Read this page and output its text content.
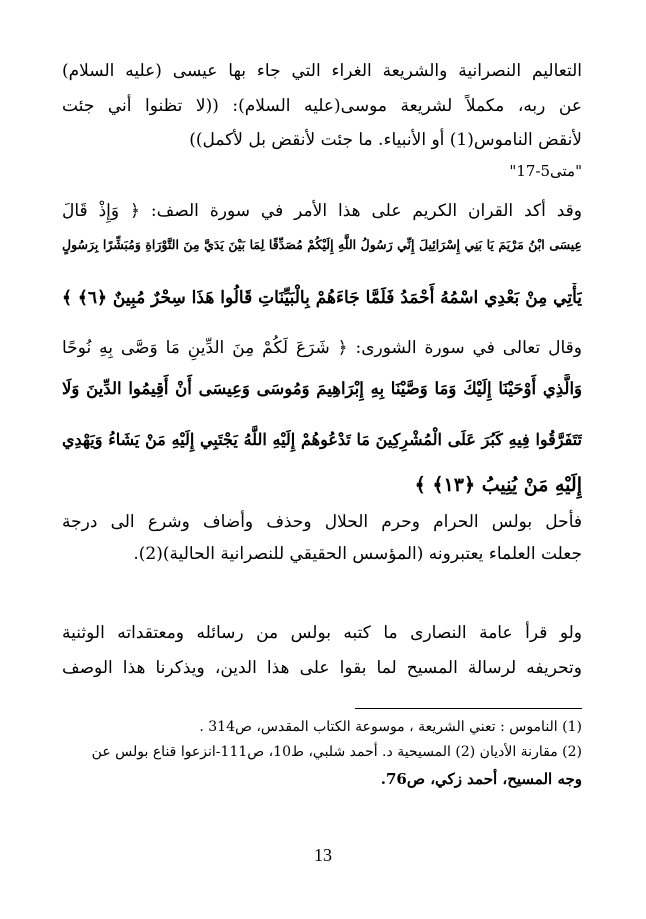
التعاليم النصرانية والشريعة الغراء التي جاء بها عيسى (عليه السلام)
عن ربه، مكملاً لشريعة موسى(عليه السلام): ((لا تظنوا أني جئت
لأنقض الناموس(1) أو الأنبياء. ما جئت لأنقض بل لأكمل))
"متى5-17"
وقد أكد القران الكريم على هذا الأمر في سورة الصف: ﴿ وَإِذْ قَالَ
عِيسَى ابْنُ مَرْيَمَ يَا بَنِي إِسْرَائِيلَ إِنِّي رَسُولُ اللَّهِ إِلَيْكُمْ مُصَدِّقًا لِمَا بَيْنَ يَدَيَّ مِنَ التَّوْرَاةِ وَمُبَشِّرًا بِرَسُولٍ
يَأْتِي مِنْ بَعْدِي اسْمُهُ أَحْمَدُ فَلَمَّا جَاءَهُمْ بِالْبَيِّنَاتِ قَالُوا هَذَا سِحْرٌ مُبِينٌ ﴿٦﴾ ﴾
وقال تعالى في سورة الشورى: ﴿ شَرَعَ لَكُمْ مِنَ الدِّينِ مَا وَصَّى بِهِ نُوحًا
وَالَّذِي أَوْحَيْنَا إِلَيْكَ وَمَا وَصَّيْنَا بِهِ إِبْرَاهِيمَ وَمُوسَى وَعِيسَى أَنْ أَقِيمُوا الدِّينَ وَلَا
تَتَفَرَّقُوا فِيهِ كَبُرَ عَلَى الْمُشْرِكِينَ مَا تَدْعُوهُمْ إِلَيْهِ اللَّهُ يَجْتَبِي إِلَيْهِ مَنْ يَشَاءُ وَيَهْدِي
إِلَيْهِ مَنْ يُنِيبُ ﴿١٣﴾ ﴾
فأحل بولس الحرام وحرم الحلال وحذف وأضاف وشرع الى درجة
جعلت العلماء يعتبرونه (المؤسس الحقيقي للنصرانية الحالية)(2).
ولو قرأ عامة النصارى ما كتبه بولس من رسائله ومعتقداته الوثنية
وتحريفه لرسالة المسيح لما بقوا على هذا الدين، ويذكرنا هذا الوصف
(1) الناموس : تعني الشريعة ، موسوعة الكتاب المقدس، ص314 .
(2) مقارنة الأديان (2) المسيحية د. أحمد شلبي، ط10، ص111-انزعوا قناع بولس عن
وجه المسيح، أحمد زكي، ص76.
13
